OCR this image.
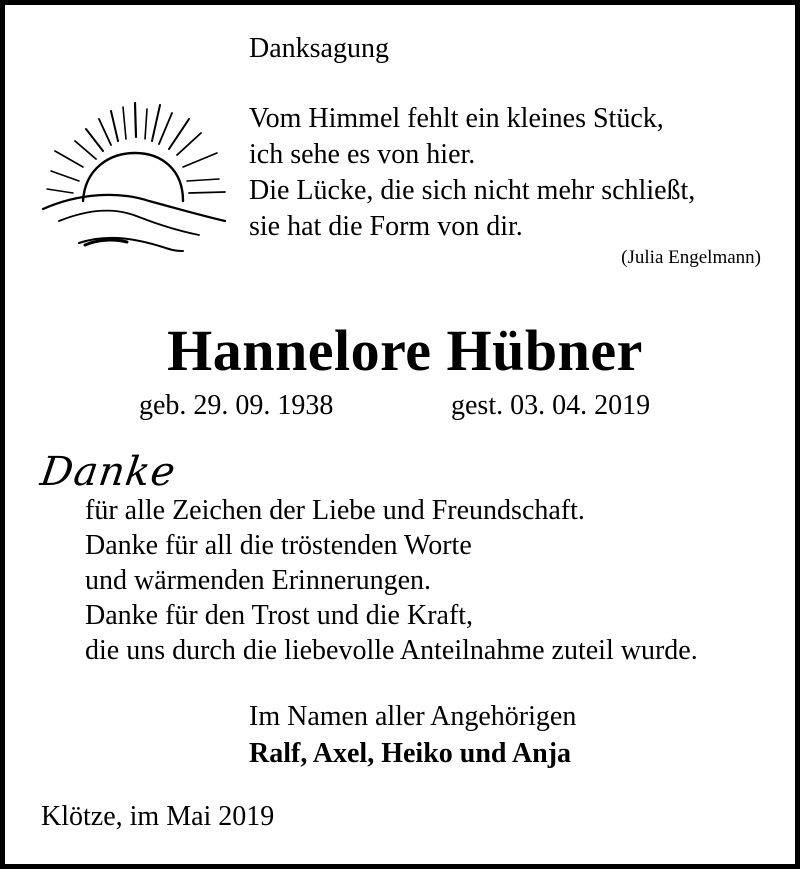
Danksagung

Vom Himmel fehlt ein kleines Stück,
ich sehe es von hier.
Die Lücke, die sich nicht mehr schließt,
sie hat die Form von dir.

(Julia Engelmann)

Hannelore Hübner

geb. 29. 09. 1938	gest. 03. 04. 2019

Danke

für alle Zeichen der Liebe und Freundschaft.
Danke für all die tröstenden Worte
und wärmenden Erinnerungen.
Danke für den Trost und die Kraft,
die uns durch die liebevolle Anteilnahme zuteil wurde.

Im Namen aller Angehörigen

Ralf, Axel, Heiko und Anja

Klötze, im Mai 2019
